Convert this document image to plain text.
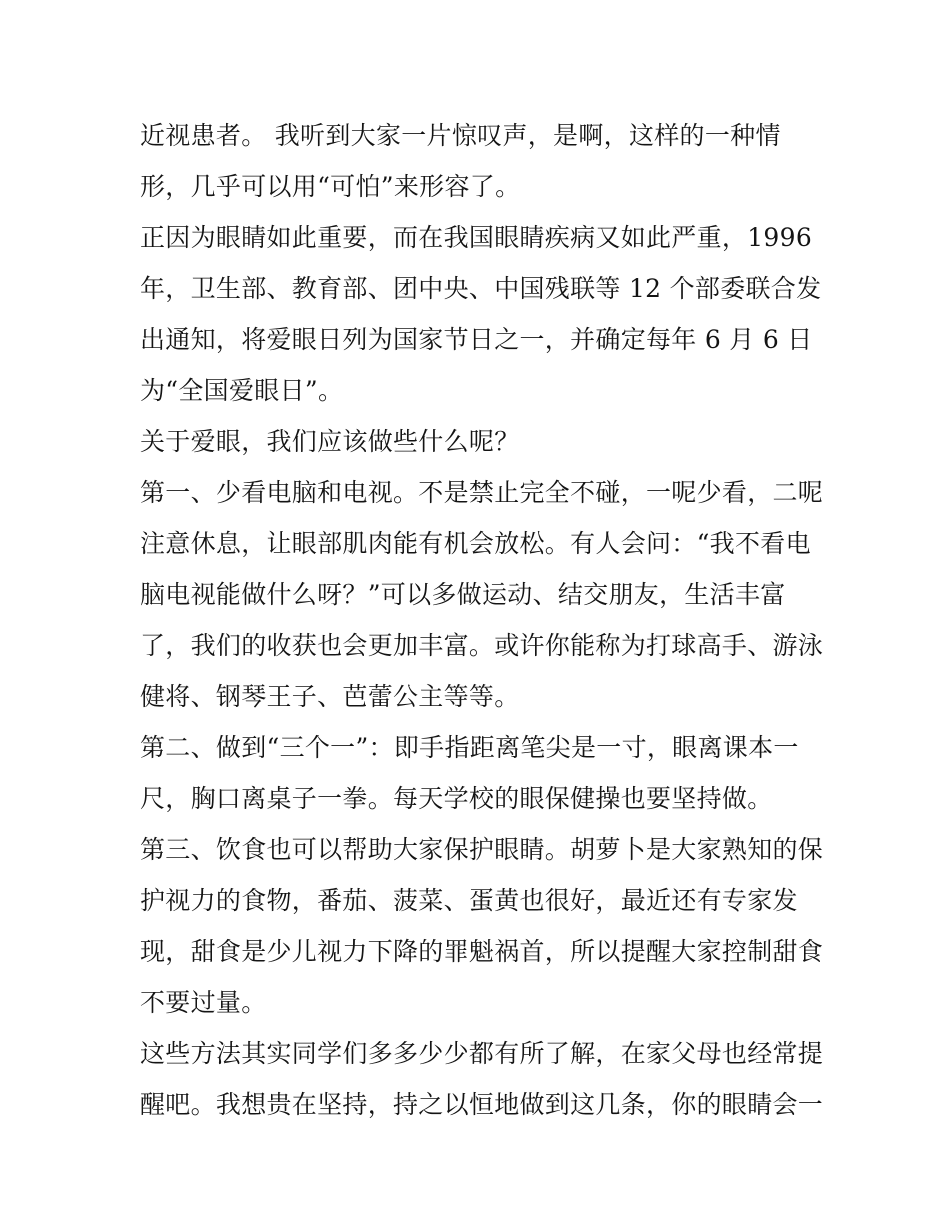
近视患者。 我听到大家一片惊叹声，是啊，这样的一种情
形，几乎可以用“可怕”来形容了。
正因为眼睛如此重要，而在我国眼睛疾病又如此严重，1996
年，卫生部、教育部、团中央、中国残联等 12 个部委联合发
出通知，将爱眼日列为国家节日之一，并确定每年 6 月 6 日
为“全国爱眼日”。
关于爱眼，我们应该做些什么呢？
第一、少看电脑和电视。不是禁止完全不碰，一呢少看，二呢
注意休息，让眼部肌肉能有机会放松。有人会问：“我不看电
脑电视能做什么呀？”可以多做运动、结交朋友，生活丰富
了，我们的收获也会更加丰富。或许你能称为打球高手、游泳
健将、钢琴王子、芭蕾公主等等。
第二、做到“三个一”：即手指距离笔尖是一寸，眼离课本一
尺，胸口离桌子一拳。每天学校的眼保健操也要坚持做。
第三、饮食也可以帮助大家保护眼睛。胡萝卜是大家熟知的保
护视力的食物，番茄、菠菜、蛋黄也很好，最近还有专家发
现，甜食是少儿视力下降的罪魁祸首，所以提醒大家控制甜食
不要过量。
这些方法其实同学们多多少少都有所了解，在家父母也经常提
醒吧。我想贵在坚持，持之以恒地做到这几条，你的眼睛会一
